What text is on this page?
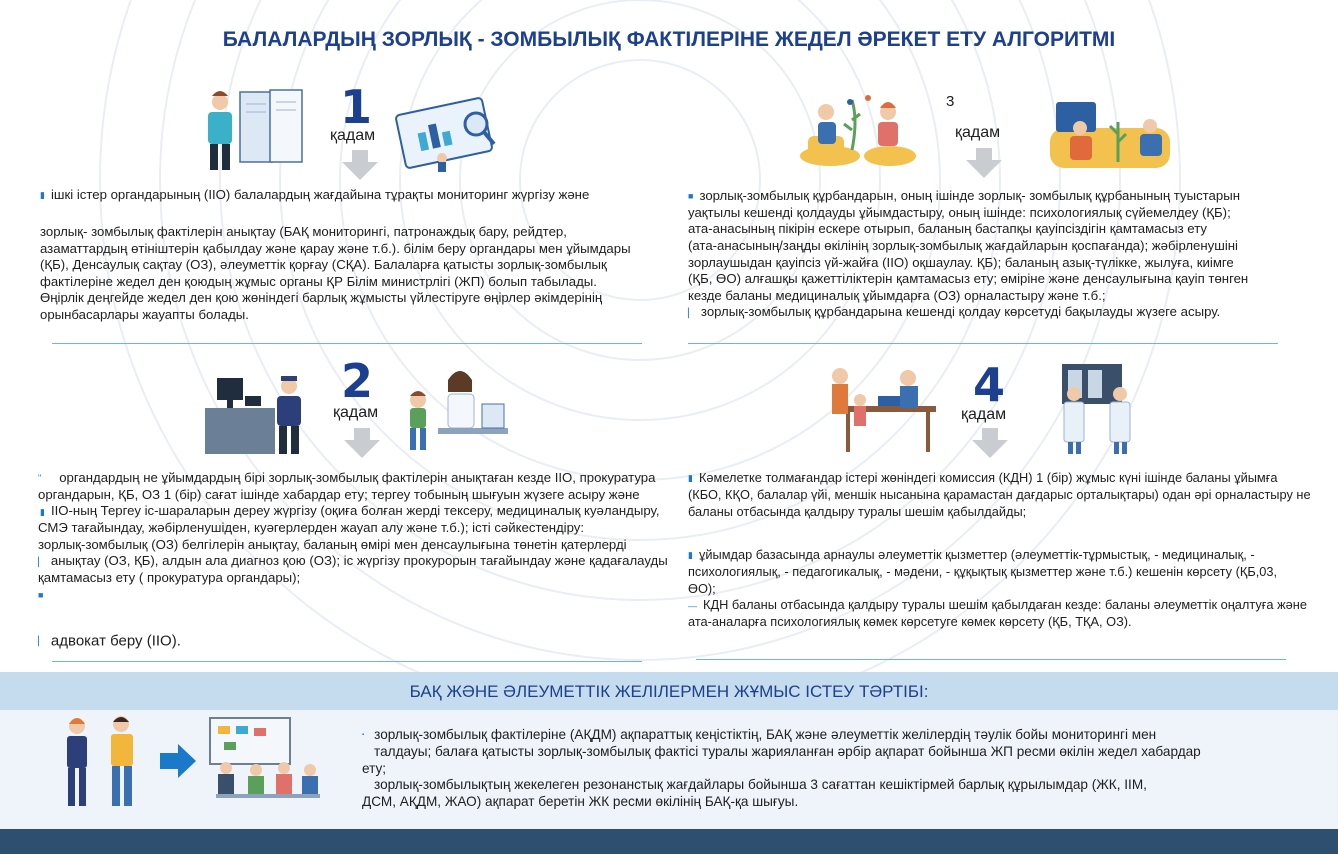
БАЛАЛАРДЫҢ ЗОРЛЫҚ - ЗОМБЫЛЫҚ ФАКТІЛЕРІНЕ ЖЕДЕЛ ӘРЕКЕТ ЕТУ АЛГОРИТМІ
1
қадам
▮ ішкі істер органдарының (ІІО) балалардың жағдайына тұрақты мониторинг жүргізу және
зорлық- зомбылық фактілерін анықтау (БАҚ мониторингі, патронаждық бару, рейдтер,
азаматтардың өтініштерін қабылдау және қарау және т.б.). білім беру органдары мен ұйымдары
(ҚБ), Денсаулық сақтау (ОЗ), әлеуметтік қорғау (СҚА). Балаларға қатысты зорлық-зомбылық
фактілеріне жедел ден қоюдың жұмыс органы ҚР Білім министрлігі (ЖП) болып табылады.
Өңірлік деңгейде жедел ден қою жөніндегі барлық жұмысты үйлестіруге өңірлер әкімдерінің
орынбасарлары жауапты болады.
3
қадам
■ зорлық-зомбылық құрбандарын, оның ішінде зорлық- зомбылық құрбанының туыстарын
уақтылы кешенді қолдауды ұйымдастыру, оның ішінде: психологиялық сүйемелдеу (ҚБ);
ата-анасының пікірін ескере отырып, баланың бастапқы қауіпсіздігін қамтамасыз ету
(ата-анасының/заңды өкілінің зорлық-зомбылық жағдайларын қоспағанда); жәбірленушіні
зорлаушыдан қауіпсіз үй-жайға (ІІО) оқшаулау. ҚБ); баланың азық-түлікке, жылуға, киімге
(ҚБ, ӨО) алғашқы қажеттіліктерін қамтамасыз ету; өміріне және денсаулығына қауіп төнген
кезде баланы медициналық ұйымдарға (ОЗ) орналастыру және т.б.;
▏ зорлық-зомбылық құрбандарына кешенді қолдау көрсетуді бақылауды жүзеге асыру.
2
қадам
" органдардың не ұйымдардың бірі зорлық-зомбылық фактілерін анықтаған кезде ІІО, прокуратура
органдарын, ҚБ, ОЗ 1 (бір) сағат ішінде хабардар ету; тергеу тобының шығуын жүзеге асыру және
▮ ІІО-ның Тергеу іс-шараларын дереу жүргізу (оқиға болған жерді тексеру, медициналық куәландыру,
СМЭ тағайындау, жәбірленушіден, куәгерлерден жауап алу және т.б.); істі сәйкестендіру:
зорлық-зомбылық (ОЗ) белгілерін анықтау, баланың өмірі мен денсаулығына төнетін қатерлерді
▏ анықтау (ОЗ, ҚБ), алдын ала диагноз қою (ОЗ); іс жүргізу прокурорын тағайындау және қадағалауды
қамтамасыз ету ( прокуратура органдары);
■
▏ адвокат беру (ІІО).
4
қадам
▮ Кәмелетке толмағандар істері жөніндегі комиссия (КДН) 1 (бір) жұмыс күні ішінде баланы ұйымға
(КБО, КҚО, балалар үйі, меншік нысанына қарамастан дағдарыс орталықтары) одан әрі орналастыру не
баланы отбасында қалдыру туралы шешім қабылдайды;
▮ ұйымдар базасында арнаулы әлеуметтік қызметтер (әлеуметтік-тұрмыстық, - медициналық, -
психологиялық, - педагогикалық, - мәдени, - құқықтық қызметтер және т.б.) кешенін көрсету (ҚБ,03,
ӨО);
— КДН баланы отбасында қалдыру туралы шешім қабылдаған кезде: баланы әлеуметтік оңалтуға және
ата-аналарға психологиялық көмек көрсетуге көмек көрсету (ҚБ, ТҚА, ОЗ).
БАҚ ЖӘНЕ ӘЛЕУМЕТТІК ЖЕЛІЛЕРМЕН ЖҰМЫС ІСТЕУ ТӘРТІБІ:
▪ зорлық-зомбылық фактілеріне (АҚДМ) ақпараттық кеңістіктің, БАҚ және әлеуметтік желілердің тәулік бойы мониторингі мен
талдауы; балаға қатысты зорлық-зомбылық фактісі туралы жарияланған әрбір ақпарат бойынша ЖП ресми өкілін жедел хабардар
ету;
зорлық-зомбылықтың жекелеген резонанстық жағдайлары бойынша 3 сағаттан кешіктірмей барлық құрылымдар (ЖК, ІІМ,
ДСМ, АҚДМ, ЖАО) ақпарат беретін ЖК ресми өкілінің БАҚ-қа шығуы.
